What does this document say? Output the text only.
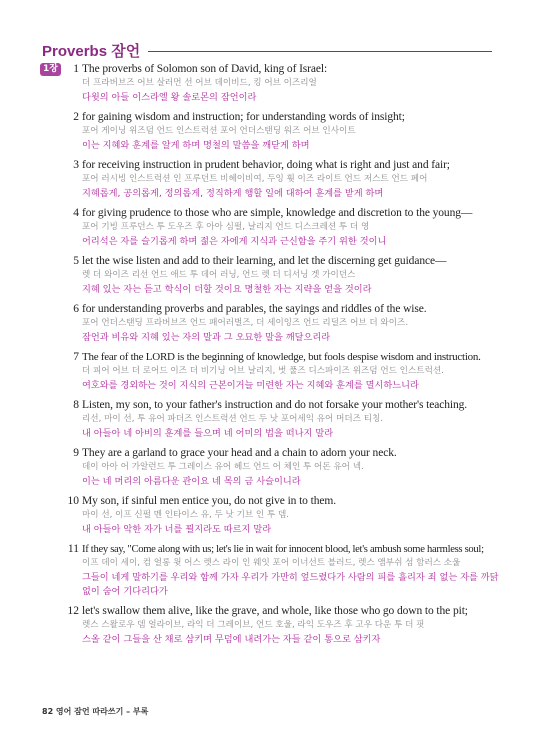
Proverbs 잠언
1장	1 The proverbs of Solomon son of David, king of Israel:
더 프라버브즈 어브 살러먼 선 어브 데이비드, 킹 어브 이즈리얼
다윗의 아들 이스라엘 왕 솔로몬의 잠언이라
2 for gaining wisdom and instruction; for understanding words of insight;
포어 게이닝 위즈덤 언드 인스트럭션 포어 언더스탠딩 워즈 어브 인사이트
이는 지혜와 훈계를 알게 하며 명철의 말씀을 깨닫게 하며
3 for receiving instruction in prudent behavior, doing what is right and just and fair;
포어 러시빙 인스트럭션 인 프루던트 비헤이비여, 두잉 휫 이즈 라이트 언드 저스트 언드 페어
지혜롭게, 공의롭게, 정의롭게, 정직하게 행할 일에 대하여 훈계를 받게 하며
4 for giving prudence to those who are simple, knowledge and discretion to the young—
포어 기빙 프루던스 투 도우즈 후 아아 심펄, 날리지 언드 디스크레션 투 더 영
어리석은 자를 슬기롭게 하며 젊은 자에게 지식과 근신함을 주기 위한 것이니
5 let the wise listen and add to their learning, and let the discerning get guidance—
렛 더 와이즈 리선 언드 애드 투 데어 러닝, 언드 렛 더 디서닝 겟 가이던스
지혜 있는 자는 듣고 학식이 더할 것이요 명철한 자는 지략을 얻을 것이라
6 for understanding proverbs and parables, the sayings and riddles of the wise.
포어 언더스탠딩 프라버브즈 언드 패어러벌즈, 더 세이잉즈 언드 리덜즈 어브 더 와이즈.
잠언과 비유와 지혜 있는 자의 말과 그 오묘한 말을 깨달으리라
7 The fear of the LORD is the beginning of knowledge, but fools despise wisdom and instruction.
더 피어 어브 더 로어드 이즈 더 비기닝 어브 날리지, 벗 풀즈 디스파이즈 위즈덤 언드 인스트럭션.
여호와를 경외하는 것이 지식의 근본이거늘 미련한 자는 지혜와 훈계를 멸시하느니라
8 Listen, my son, to your father's instruction and do not forsake your mother's teaching.
리선, 마이 선, 투 유어 파더즈 인스트럭션 언드 두 낫 포어세익 유어 머더즈 티칭.
내 아들아 네 아비의 훈계를 들으며 네 어미의 법을 떠나지 말라
9 They are a garland to grace your head and a chain to adorn your neck.
데이 아아 어 가알런드 투 그레이스 유어 헤드 언드 어 체인 투 어돈 유어 넥.
이는 네 머리의 아름다운 관이요 네 목의 금 사슬이니라
10 My son, if sinful men entice you, do not give in to them.
마이 선, 이프 신펄 멘 인타이스 유, 두 낫 기브 인 투 뎀.
내 아들아 악한 자가 너를 꾈지라도 따르지 말라
11 If they say, "Come along with us; let's lie in wait for innocent blood, let's ambush some harmless soul;
이프 데이 세이, 컴 얼롱 윗 어스 렛스 라이 인 웨잇 포어 이너선트 블러드, 렛스 앰부쉬 섬 함러스 소울
그들이 네게 말하기를 우리와 함께 가자 우리가 가만히 엎드렸다가 사람의 피를 흘리자 죄 없는 자를 까닭 없이 숨어 기다리다가
12 let's swallow them alive, like the grave, and whole, like those who go down to the pit;
렛스 스왈로우 뎀 얼라이브, 라익 더 그레이브, 언드 호울, 라익 도우즈 후 고우 다운 투 더 핏
스올 같이 그들을 산 채로 삼키며 무덤에 내려가는 자들 같이 통으로 삼키자
82 영어 잠언 따라쓰기 – 부록
